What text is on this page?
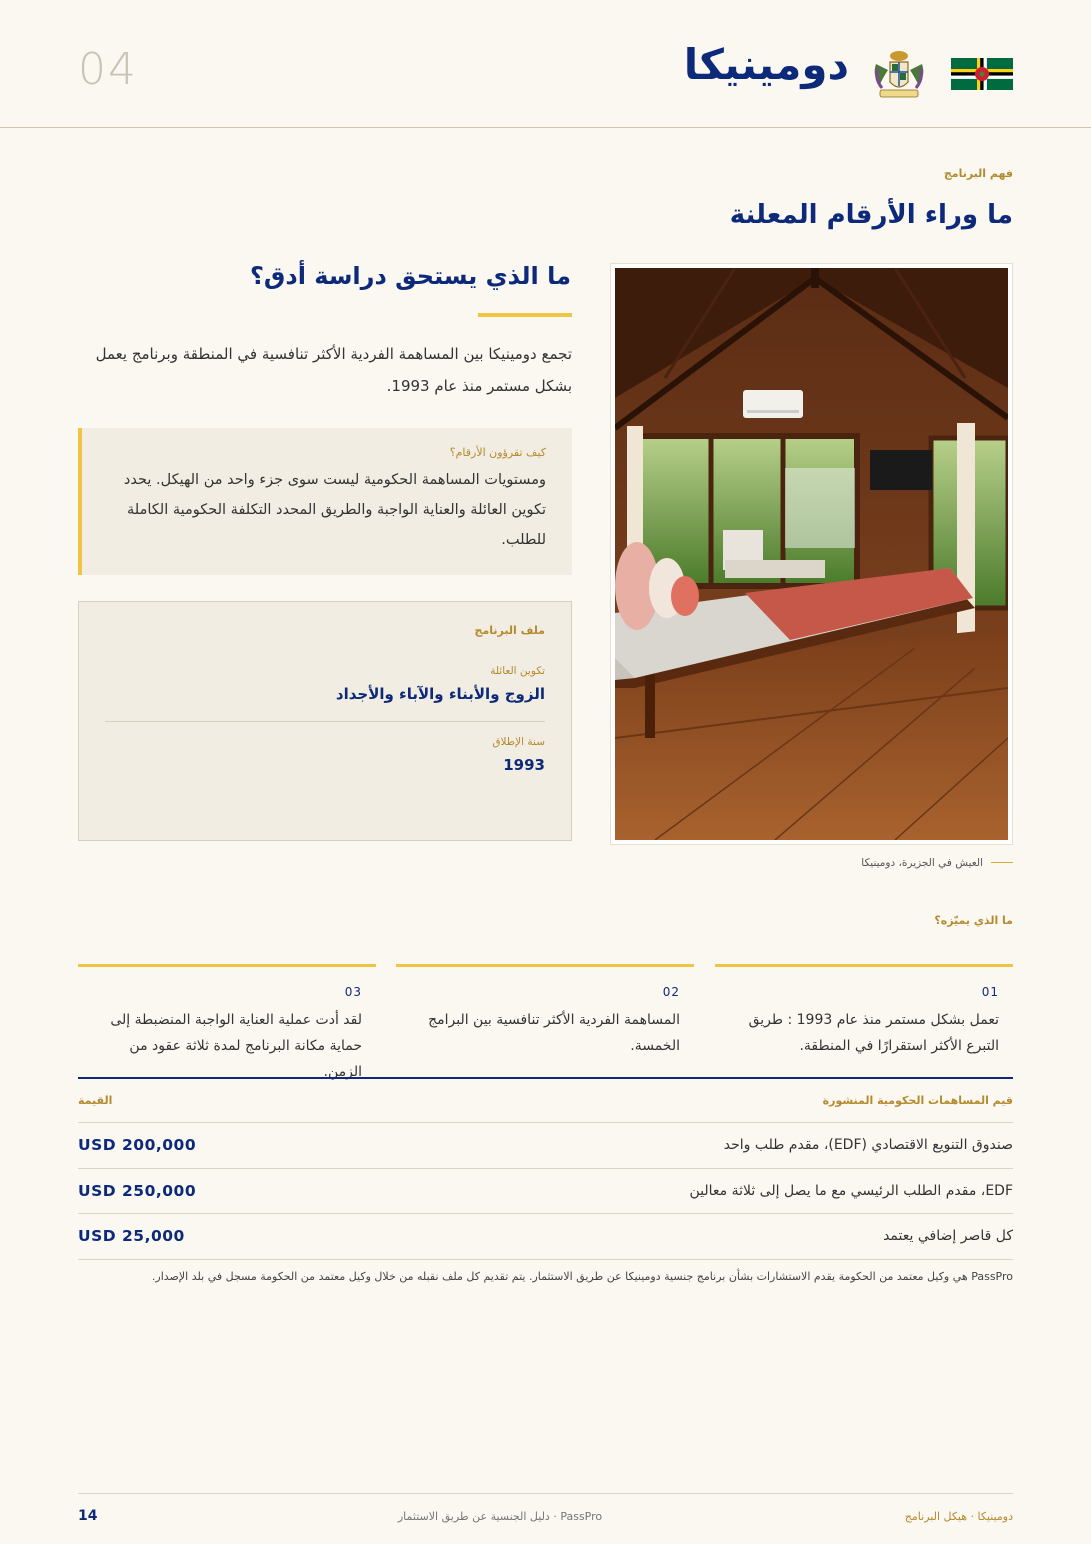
04	دومينيكا
فهم البرنامج
ما وراء الأرقام المعلنة
ما الذي يستحق دراسة أدق؟
تجمع دومينيكا بين المساهمة الفردية الأكثر تنافسية في المنطقة وبرنامج يعمل بشكل مستمر منذ عام 1993.
كيف تقرؤون الأرقام؟
ومستويات المساهمة الحكومية ليست سوى جزء واحد من الهيكل. يحدد تكوين العائلة والعناية الواجبة والطريق المحدد التكلفة الحكومية الكاملة للطلب.
ملف البرنامج
تكوين العائلة
الزوج والأبناء والآباء والأجداد
سنة الإطلاق
1993
العيش في الجزيرة، دومينيكا
ما الذي يميّزه؟
01
تعمل بشكل مستمر منذ عام 1993 : طريق التبرع الأكثر استقرارًا في المنطقة.
02
المساهمة الفردية الأكثر تنافسية بين البرامج الخمسة.
03
لقد أدت عملية العناية الواجبة المنضبطة إلى حماية مكانة البرنامج لمدة ثلاثة عقود من الزمن.
قيم المساهمات الحكومية المنشورة
القيمة
صندوق التنويع الاقتصادي (EDF)، مقدم طلب واحد
USD 200,000
EDF، مقدم الطلب الرئيسي مع ما يصل إلى ثلاثة معالين
USD 250,000
كل قاصر إضافي يعتمد
USD 25,000
PassPro هي وكيل معتمد من الحكومة يقدم الاستشارات بشأن برنامج جنسية دومينيكا عن طريق الاستثمار. يتم تقديم كل ملف نقبله من خلال وكيل معتمد من الحكومة مسجل في بلد الإصدار.
14	PassPro · دليل الجنسية عن طريق الاستثمار	دومينيكا · هيكل البرنامج
